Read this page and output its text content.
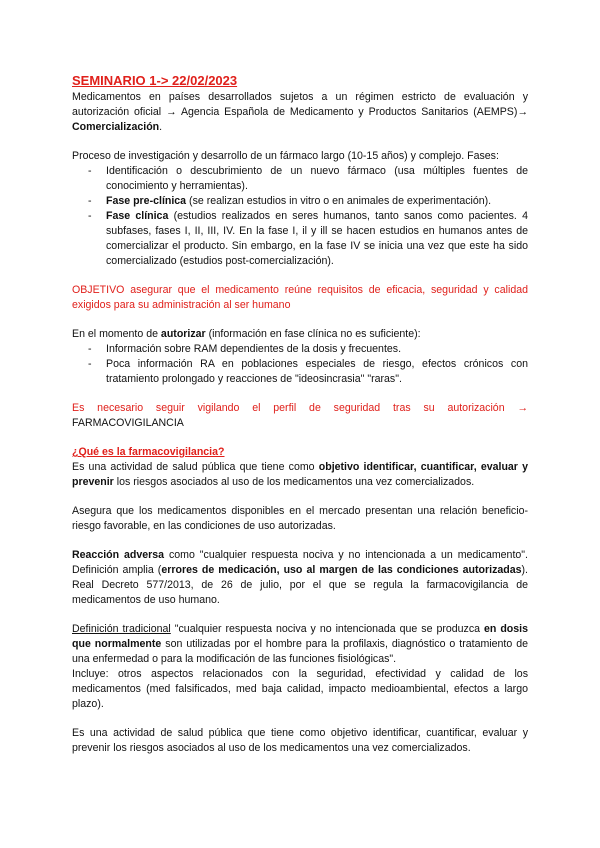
SEMINARIO 1-> 22/02/2023

Medicamentos en países desarrollados sujetos a un régimen estricto de evaluación y autorización oficial → Agencia Española de Medicamento y Productos Sanitarios (AEMPS)→ Comercialización.

Proceso de investigación y desarrollo de un fármaco largo (10-15 años) y complejo. Fases:

- Identificación o descubrimiento de un nuevo fármaco (usa múltiples fuentes de conocimiento y herramientas).
- Fase pre-clínica (se realizan estudios in vitro o en animales de experimentación).
- Fase clínica (estudios realizados en seres humanos, tanto sanos como pacientes. 4 subfases, fases I, II, III, IV. En la fase I, il y ill se hacen estudios en humanos antes de comercializar el producto. Sin embargo, en la fase IV se inicia una vez que este ha sido comercializado (estudios post-comercialización).

OBJETIVO asegurar que el medicamento reúne requisitos de eficacia, seguridad y calidad exigidos para su administración al ser humano

En el momento de autorizar (información en fase clínica no es suficiente):

- Información sobre RAM dependientes de la dosis y frecuentes.
- Poca información RA en poblaciones especiales de riesgo, efectos crónicos con tratamiento prolongado y reacciones de "ideosincrasia" "raras".

Es necesario seguir vigilando el perfil de seguridad tras su autorización → FARMACOVIGILANCIA

¿Qué es la farmacovigilancia?

Es una actividad de salud pública que tiene como objetivo identificar, cuantificar, evaluar y prevenir los riesgos asociados al uso de los medicamentos una vez comercializados.

Asegura que los medicamentos disponibles en el mercado presentan una relación beneficio-riesgo favorable, en las condiciones de uso autorizadas.

Reacción adversa como "cualquier respuesta nociva y no intencionada a un medicamento". Definición amplia (errores de medicación, uso al margen de las condiciones autorizadas). Real Decreto 577/2013, de 26 de julio, por el que se regula la farmacovigilancia de medicamentos de uso humano.

Definición tradicional "cualquier respuesta nociva y no intencionada que se produzca en dosis que normalmente son utilizadas por el hombre para la profilaxis, diagnóstico o tratamiento de una enfermedad o para la modificación de las funciones fisiológicas".

Incluye: otros aspectos relacionados con la seguridad, efectividad y calidad de los medicamentos (med falsificados, med baja calidad, impacto medioambiental, efectos a largo plazo).

Es una actividad de salud pública que tiene como objetivo identificar, cuantificar, evaluar y prevenir los riesgos asociados al uso de los medicamentos una vez comercializados.
